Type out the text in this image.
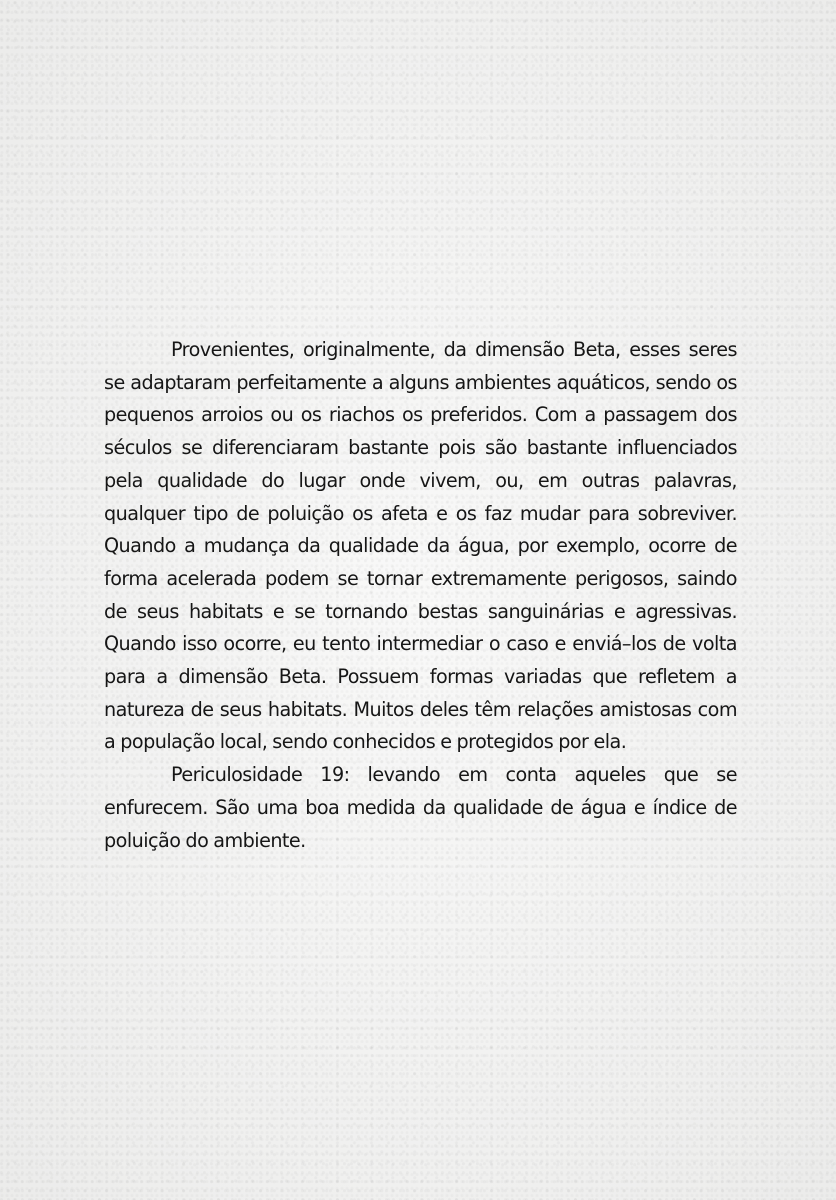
Provenientes, originalmente, da dimensão Beta, esses seres se adaptaram perfeitamente a alguns ambientes aquáticos, sendo os pequenos arroios ou os riachos os preferidos. Com a passagem dos séculos se diferenciaram bastante pois são bastante influenciados pela qualidade do lugar onde vivem, ou, em outras palavras, qualquer tipo de poluição os afeta e os faz mudar para sobreviver. Quando a mudança da qualidade da água, por exemplo, ocorre de forma acelerada podem se tornar extremamente perigosos, saindo de seus habitats e se tornando bestas sanguinárias e agressivas. Quando isso ocorre, eu tento intermediar o caso e enviá–los de volta para a dimensão Beta. Possuem formas variadas que refletem a natureza de seus habitats. Muitos deles têm relações amistosas com a população local, sendo conhecidos e protegidos por ela.

Periculosidade 19: levando em conta aqueles que se enfurecem. São uma boa medida da qualidade de água e índice de poluição do ambiente.
